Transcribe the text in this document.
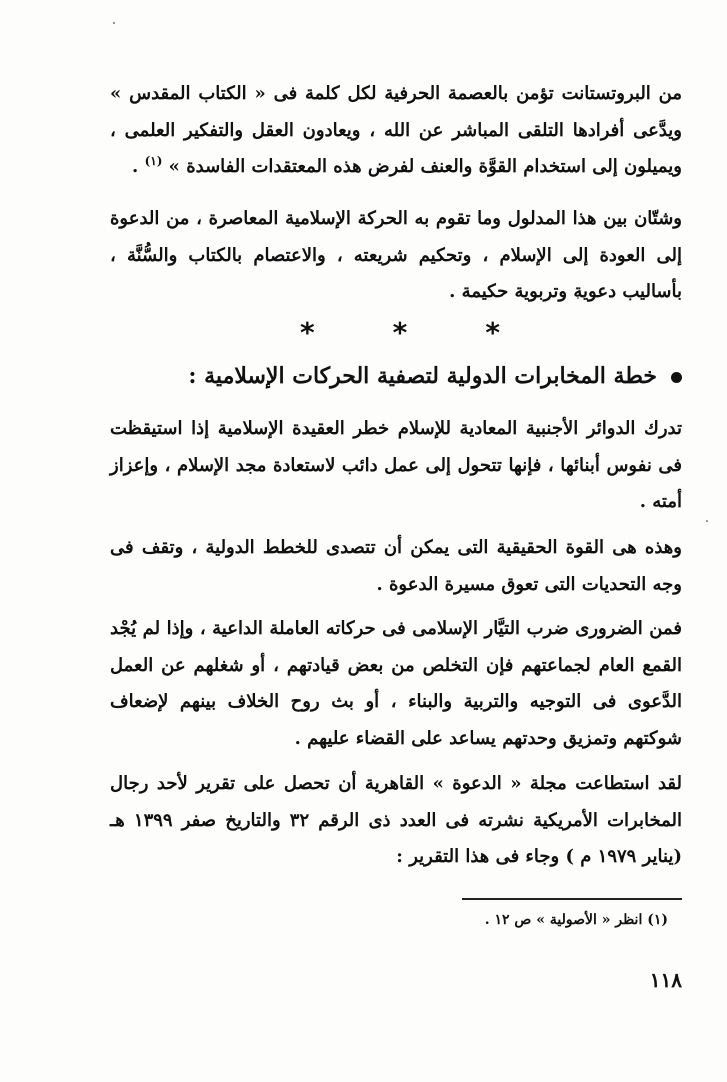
من البروتستانت تؤمن بالعصمة الحرفية لكل كلمة فى « الكتاب المقدس » ويدَّعى أفرادها التلقى المباشر عن الله ، ويعادون العقل والتفكير العلمى ، ويميلون إلى استخدام القوَّة والعنف لفرض هذه المعتقدات الفاسدة » $^{(١)}$ .

وشتّان بين هذا المدلول وما تقوم به الحركة الإسلامية المعاصرة ، من الدعوة إلى العودة إلى الإسلام ، وتحكيم شريعته ، والاعتصام بالكتاب والسُّنَّة ، بأساليب دعوية وتربوية حكيمة .

*	*	*
خطة المخابرات الدولية لتصفية الحركات الإسلامية :

تدرك الدوائر الأجنبية المعادية للإسلام خطر العقيدة الإسلامية إذا استيقظت فى نفوس أبنائها ، فإنها تتحول إلى عمل دائب لاستعادة مجد الإسلام ، وإعزاز أمته .

وهذه هى القوة الحقيقية التى يمكن أن تتصدى للخطط الدولية ، وتقف فى وجه التحديات التى تعوق مسيرة الدعوة .

فمن الضرورى ضرب التيَّار الإسلامى فى حركاته العاملة الداعية ، وإذا لم يُجْد القمع العام لجماعتهم فإن التخلص من بعض قيادتهم ، أو شغلهم عن العمل الدَّعوى فى التوجيه والتربية والبناء ، أو بث روح الخلاف بينهم لإضعاف شوكتهم وتمزيق وحدتهم يساعد على القضاء عليهم .

لقد استطاعت مجلة « الدعوة » القاهرية أن تحصل على تقرير لأحد رجال المخابرات الأمريكية نشرته فى العدد ذى الرقم ٣٢ والتاريخ صفر ١٣٩٩ هـ (يناير ١٩٧٩ م ) وجاء فى هذا التقرير :

(١) انظر « الأصولية » ص ١٢ .
١١٨
